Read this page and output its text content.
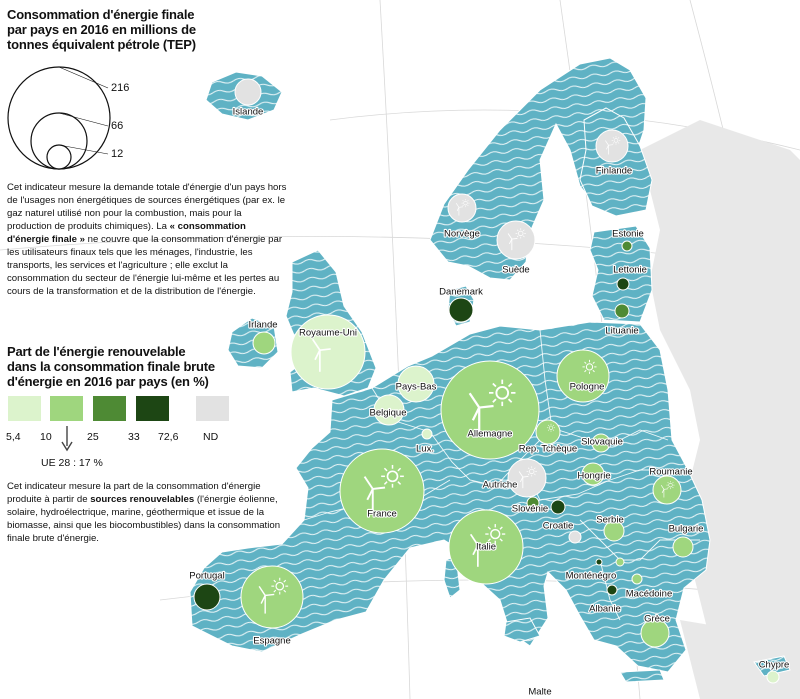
Islande
Irlande
Royaume-Uni
Pays-Bas
Belgique
Lux.
France
Espagne
Portugal
Allemagne
Danemark
Norvège
Suède
Finlande
Estonie
Lettonie
Lituanie
Pologne
Rep. Tchèque
Slovaquie
Autriche
Hongrie
Slovénie
Croatie
Italie
Roumanie
Bulgarie
Serbie
Monténégro
Macédoine
Albanie
Grèce
Malte
Chypre
Consommation d'énergie finale par pays en 2016 en millions de tonnes équivalent pétrole (TEP)
216
66
12
Cet indicateur mesure la demande totale d'énergie d'un pays hors de l'usages non énergétiques de sources énergétiques (par ex. le gaz naturel utilisé non pour la combustion, mais pour la production de produits chimiques). La « consommation d'énergie finale » ne couvre que la consommation d'énergie par les utilisateurs finaux tels que les ménages, l'industrie, les transports, les services et l'agriculture ; elle exclut la consommation du secteur de l'énergie lui-même et les pertes au cours de la transformation et de la distribution de l'énergie.
Part de l'énergie renouvelable dans la consommation finale brute d'énergie en 2016 par pays (en %)
5,4 10	25	33 72,6 ND
UE 28 : 17 %
Cet indicateur mesure la part de la consommation d'énergie produite à partir de sources renouvelables (l'énergie éolienne, solaire, hydroélectrique, marine, géothermique et issue de la biomasse, ainsi que les biocombustibles) dans la consommation finale brute d'énergie.
